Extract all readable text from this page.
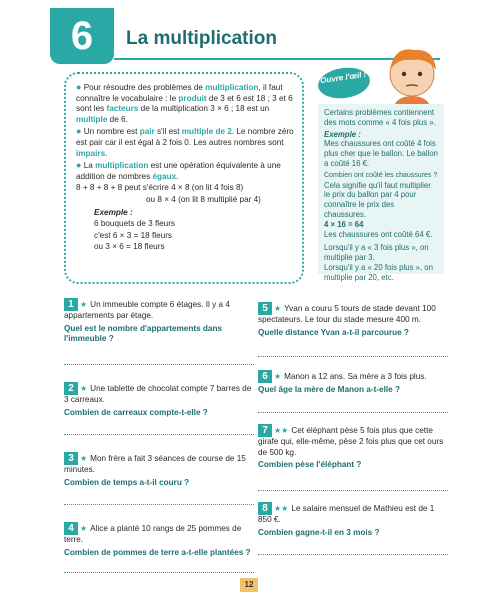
6	La multiplication

● Pour résoudre des problèmes de multiplication, il faut connaître le vocabulaire : le produit de 3 et 6 est 18 ; 3 et 6 sont les facteurs de la multiplication 3 × 6 ; 18 est un multiple de 6.

● Un nombre est pair s'il est multiple de 2. Le nombre zéro est pair car il est égal à 2 fois 0. Les autres nombres sont impairs.

● La multiplication est une opération équivalente à une addition de nombres égaux.

8 + 8 + 8 + 8 peut s'écrire 4 × 8 (on lit 4 fois 8)

ou 8 × 4 (on lit 8 multiplié par 4)

Exemple :

6 bouquets de 3 fleurs

c'est 6 × 3 = 18 fleurs

ou 3 × 6 = 18 fleurs

Ouvre l'œil !

Certains problèmes contiennent des mots comme « 4 fois plus ».

Exemple :

Mes chaussures ont coûté 4 fois plus cher que le ballon. Le ballon a coûté 16 €.

Combien ont coûté les chaussures ?

Cela signifie qu'il faut multiplier le prix du ballon par 4 pour connaître le prix des chaussures.

4 × 16 = 64

Les chaussures ont coûté 64 €.

Lorsqu'il y a « 3 fois plus », on multiplie par 3.

Lorsqu'il y a « 20 fois plus », on multiplie par 20, etc.

1 ★ Un immeuble compte 6 étages. Il y a 4 appartements par étage.
Quel est le nombre d'appartements dans l'immeuble ?
2 ★ Une tablette de chocolat compte 7 barres de 3 carreaux.
Combien de carreaux compte-t-elle ?
3 ★ Mon frère a fait 3 séances de course de 15 minutes.
Combien de temps a-t-il couru ?
4 ★ Alice a planté 10 rangs de 25 pommes de terre.
Combien de pommes de terre a-t-elle plantées ?
5 ★ Yvan a couru 5 tours de stade devant 100 spectateurs. Le tour du stade mesure 400 m.
Quelle distance Yvan a-t-il parcourue ?
6 ★ Manon a 12 ans. Sa mère a 3 fois plus.
Quel âge la mère de Manon a-t-elle ?
7 ★★ Cet éléphant pèse 5 fois plus que cette girafe qui, elle-même, pèse 2 fois plus que cet ours de 500 kg.
Combien pèse l'éléphant ?
8 ★★ Le salaire mensuel de Mathieu est de 1 850 €.
Combien gagne-t-il en 3 mois ?
12
